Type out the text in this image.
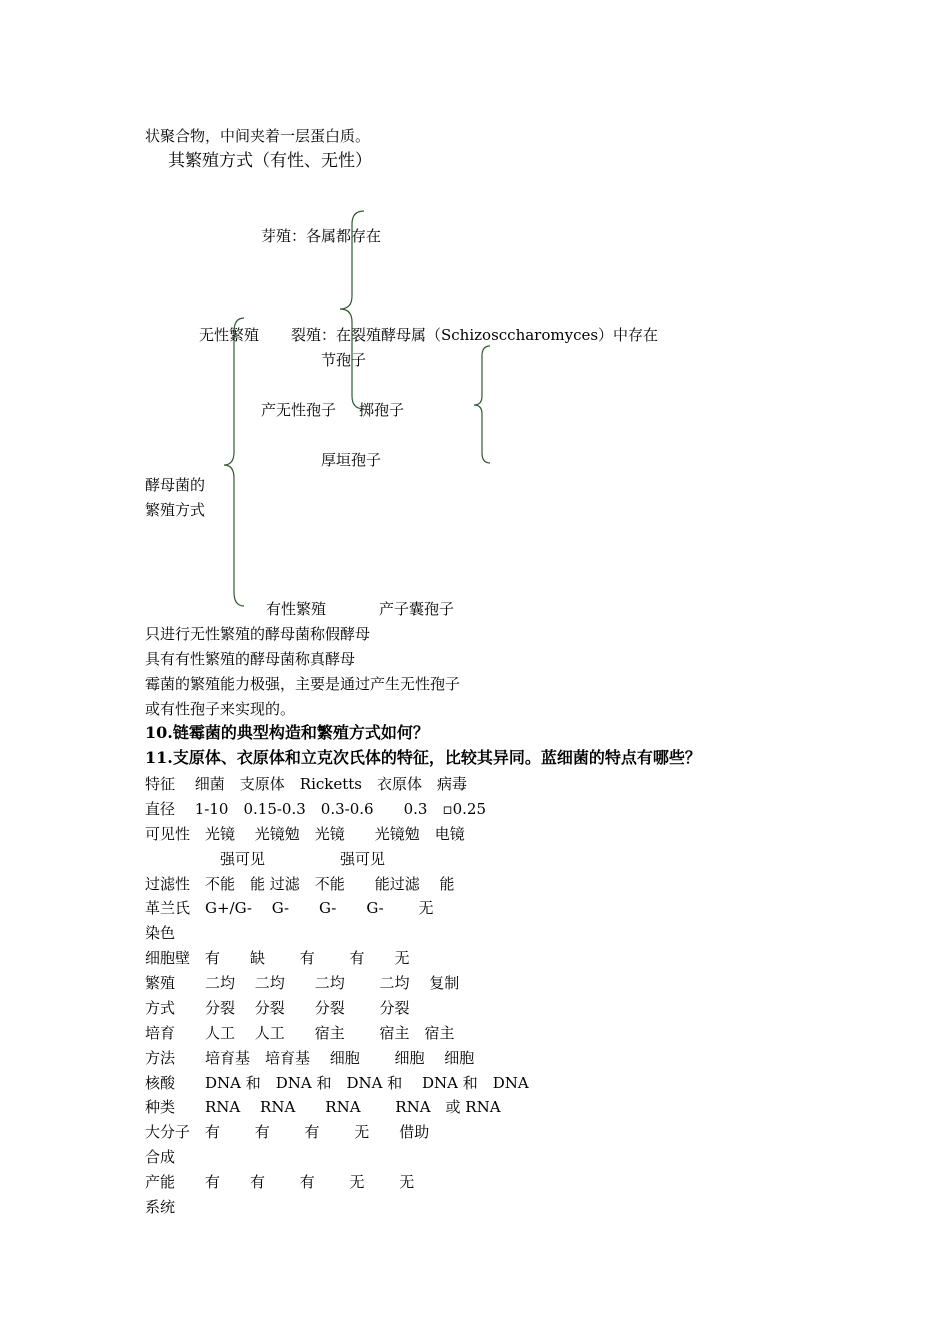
状聚合物，中间夹着一层蛋白质。
其繁殖方式（有性、无性）
芽殖：各属都存在
无性繁殖 裂殖：在裂殖酵母属（Schizosccharomyces）中存在
节孢子
产无性孢子 掷孢子
厚垣孢子
酵母菌的
繁殖方式
有性繁殖	产子囊孢子
只进行无性繁殖的酵母菌称假酵母
具有有性繁殖的酵母菌称真酵母
霉菌的繁殖能力极强，主要是通过产生无性孢子
或有性孢子来实现的。
10.链霉菌的典型构造和繁殖方式如何？
11.支原体、衣原体和立克次氏体的特征，比较其异同。蓝细菌的特点有哪些？
特征　 细菌　支原体　Ricketts　衣原体　病毒
直径　 1-10　0.15-0.3　0.3-0.6　　0.3　▫0.25
可见性　光镜　 光镜勉　光镜　　光镜勉　电镜
　　　　　强可见　　　　　强可见
过滤性　不能　能 过滤　不能　　能过滤　 能
革兰氏　G+/G-　 G-　　G-　　G-　　 无
染色
细胞壁　有　　缺　　 有　　 有　　无
繁殖　　二均　 二均　　二均　　 二均　 复制
方式　　分裂　 分裂　　分裂　　 分裂
培育　　人工　 人工　　宿主　　 宿主　宿主
方法　　培育基　培育基　 细胞　　 细胞　 细胞
核酸　　DNA 和　DNA 和　DNA 和　 DNA 和　DNA
种类　　RNA　 RNA　　RNA　　 RNA　或 RNA
大分子　有　　 有　　 有　　 无　　借助
合成
产能　　有　　有　　 有　　 无　　 无
系统
